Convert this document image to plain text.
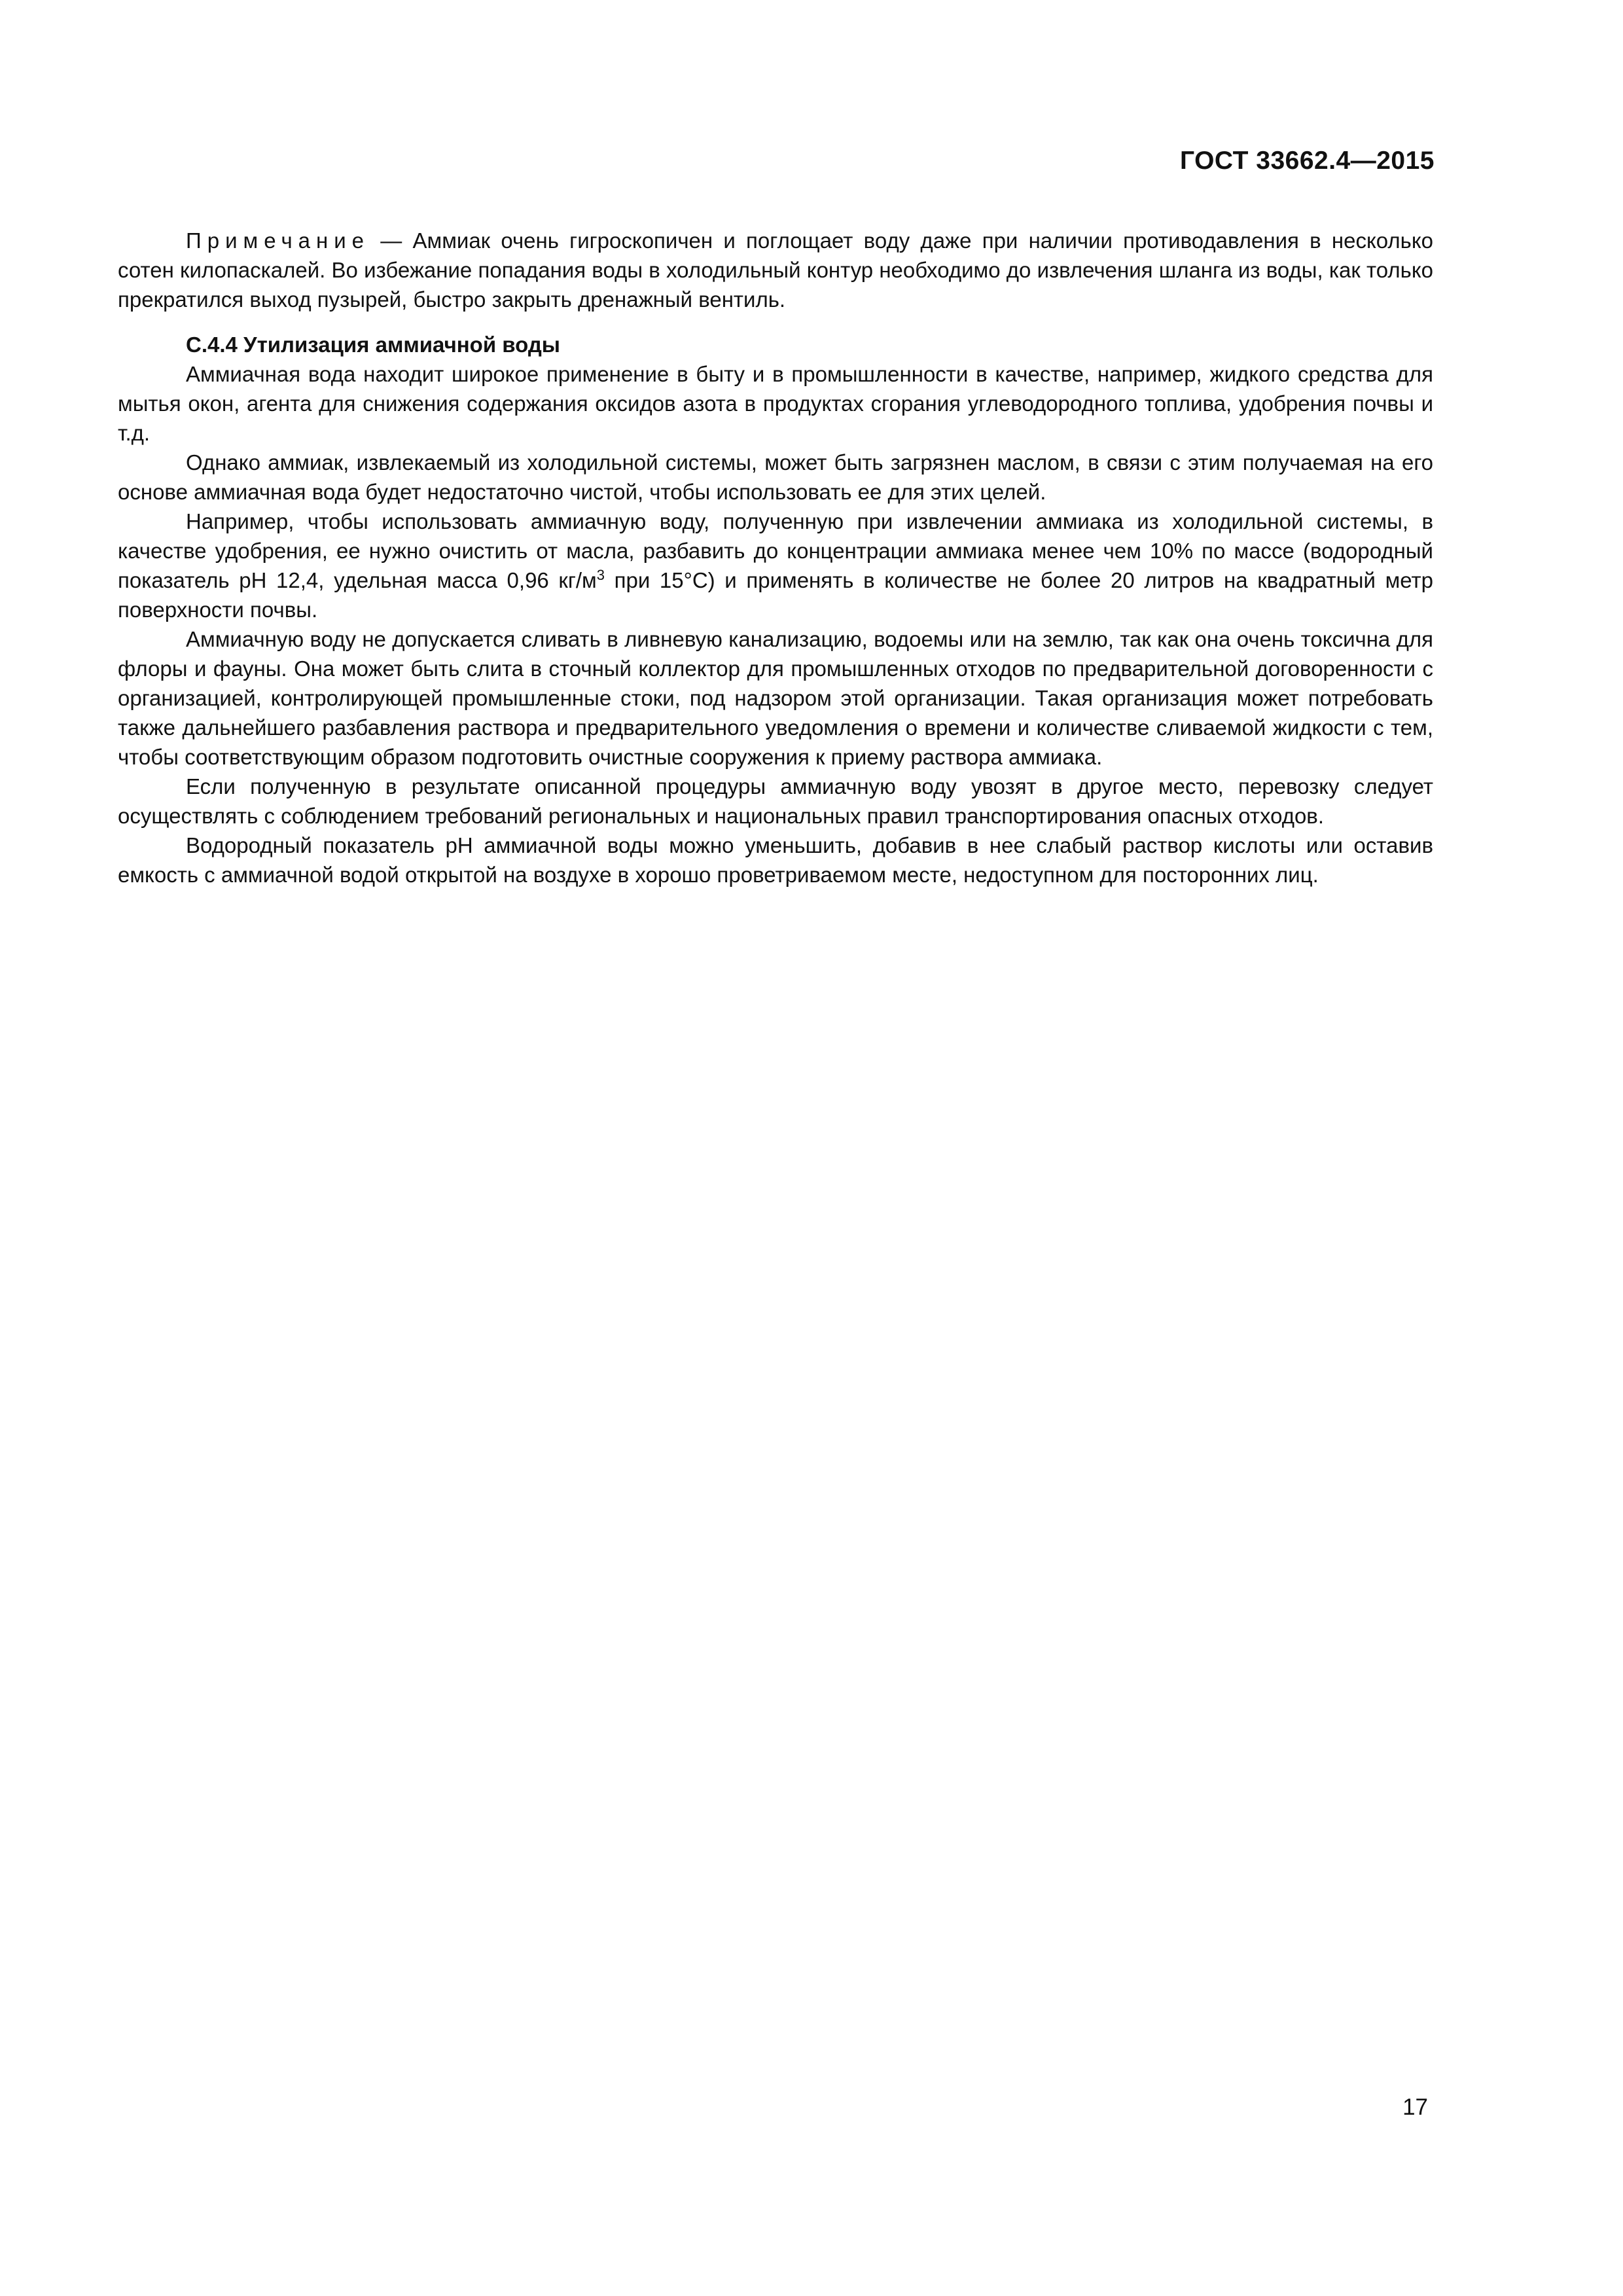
ГОСТ 33662.4—2015

Примечание — Аммиак очень гигроскопичен и поглощает воду даже при наличии противодавления в несколько сотен килопаскалей. Во избежание попадания воды в холодильный контур необходимо до извлечения шланга из воды, как только прекратился выход пузырей, быстро закрыть дренажный вентиль.

С.4.4 Утилизация аммиачной воды

Аммиачная вода находит широкое применение в быту и в промышленности в качестве, например, жидкого средства для мытья окон, агента для снижения содержания оксидов азота в продуктах сгорания углеводородного топлива, удобрения почвы и т.д.

Однако аммиак, извлекаемый из холодильной системы, может быть загрязнен маслом, в связи с этим получаемая на его основе аммиачная вода будет недостаточно чистой, чтобы использовать ее для этих целей.

Например, чтобы использовать аммиачную воду, полученную при извлечении аммиака из холодильной системы, в качестве удобрения, ее нужно очистить от масла, разбавить до концентрации аммиака менее чем 10% по массе (водородный показатель pH 12,4, удельная масса 0,96 $кг/м^3$ при 15°С) и применять в количестве не более 20 литров на квадратный метр поверхности почвы.

Аммиачную воду не допускается сливать в ливневую канализацию, водоемы или на землю, так как она очень токсична для флоры и фауны. Она может быть слита в сточный коллектор для промышленных отходов по предварительной договоренности с организацией, контролирующей промышленные стоки, под надзором этой организации. Такая организация может потребовать также дальнейшего разбавления раствора и предварительного уведомления о времени и количестве сливаемой жидкости с тем, чтобы соответствующим образом подготовить очистные сооружения к приему раствора аммиака.

Если полученную в результате описанной процедуры аммиачную воду увозят в другое место, перевозку следует осуществлять с соблюдением требований региональных и национальных правил транспортирования опасных отходов.

Водородный показатель pH аммиачной воды можно уменьшить, добавив в нее слабый раствор кислоты или оставив емкость с аммиачной водой открытой на воздухе в хорошо проветриваемом месте, недоступном для посторонних лиц.

17
